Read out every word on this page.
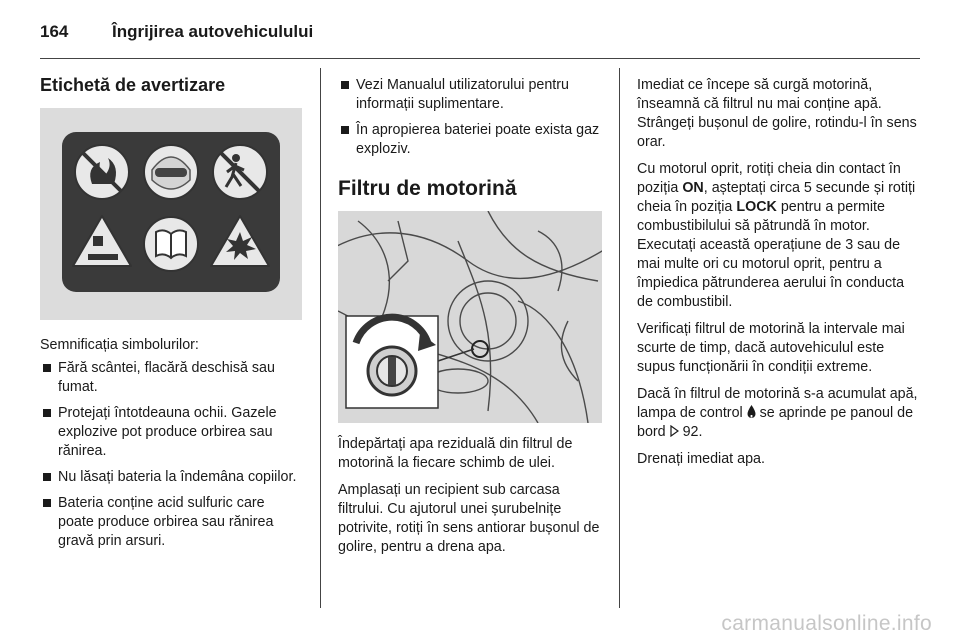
164	Îngrijirea autovehiculului
Etichetă de avertizare

Semnificația simbolurilor:

Fără scântei, flacără deschisă sau fumat.
Protejați întotdeauna ochii. Gazele explozive pot produce orbirea sau rănirea.
Nu lăsați bateria la îndemâna copiilor.
Bateria conține acid sulfuric care poate produce orbirea sau rănirea gravă prin arsuri.
Vezi Manualul utilizatorului pentru informații suplimentare.
În apropierea bateriei poate exista gaz exploziv.
Filtru de motorină

Îndepărtați apa reziduală din filtrul de motorină la fiecare schimb de ulei.

Amplasați un recipient sub carcasa filtrului. Cu ajutorul unei șurubelnițe potrivite, rotiți în sens antiorar bușonul de golire, pentru a drena apa.

Imediat ce începe să curgă motorină, înseamnă că filtrul nu mai conține apă. Strângeți bușonul de golire, rotindu-l în sens orar.

Cu motorul oprit, rotiți cheia din contact în poziția ON, așteptați circa 5 secunde și rotiți cheia în poziția LOCK pentru a permite combustibilului să pătrundă în motor. Executați această operațiune de 3 sau de mai multe ori cu motorul oprit, pentru a împiedica pătrunderea aerului în conducta de combustibil.

Verificați filtrul de motorină la intervale mai scurte de timp, dacă autovehiculul este supus funcționării în condiții extreme.

Dacă în filtrul de motorină s-a acumulat apă, lampa de control  se aprinde pe panoul de bord  92.

Drenați imediat apa.

carmanualsonline.info
